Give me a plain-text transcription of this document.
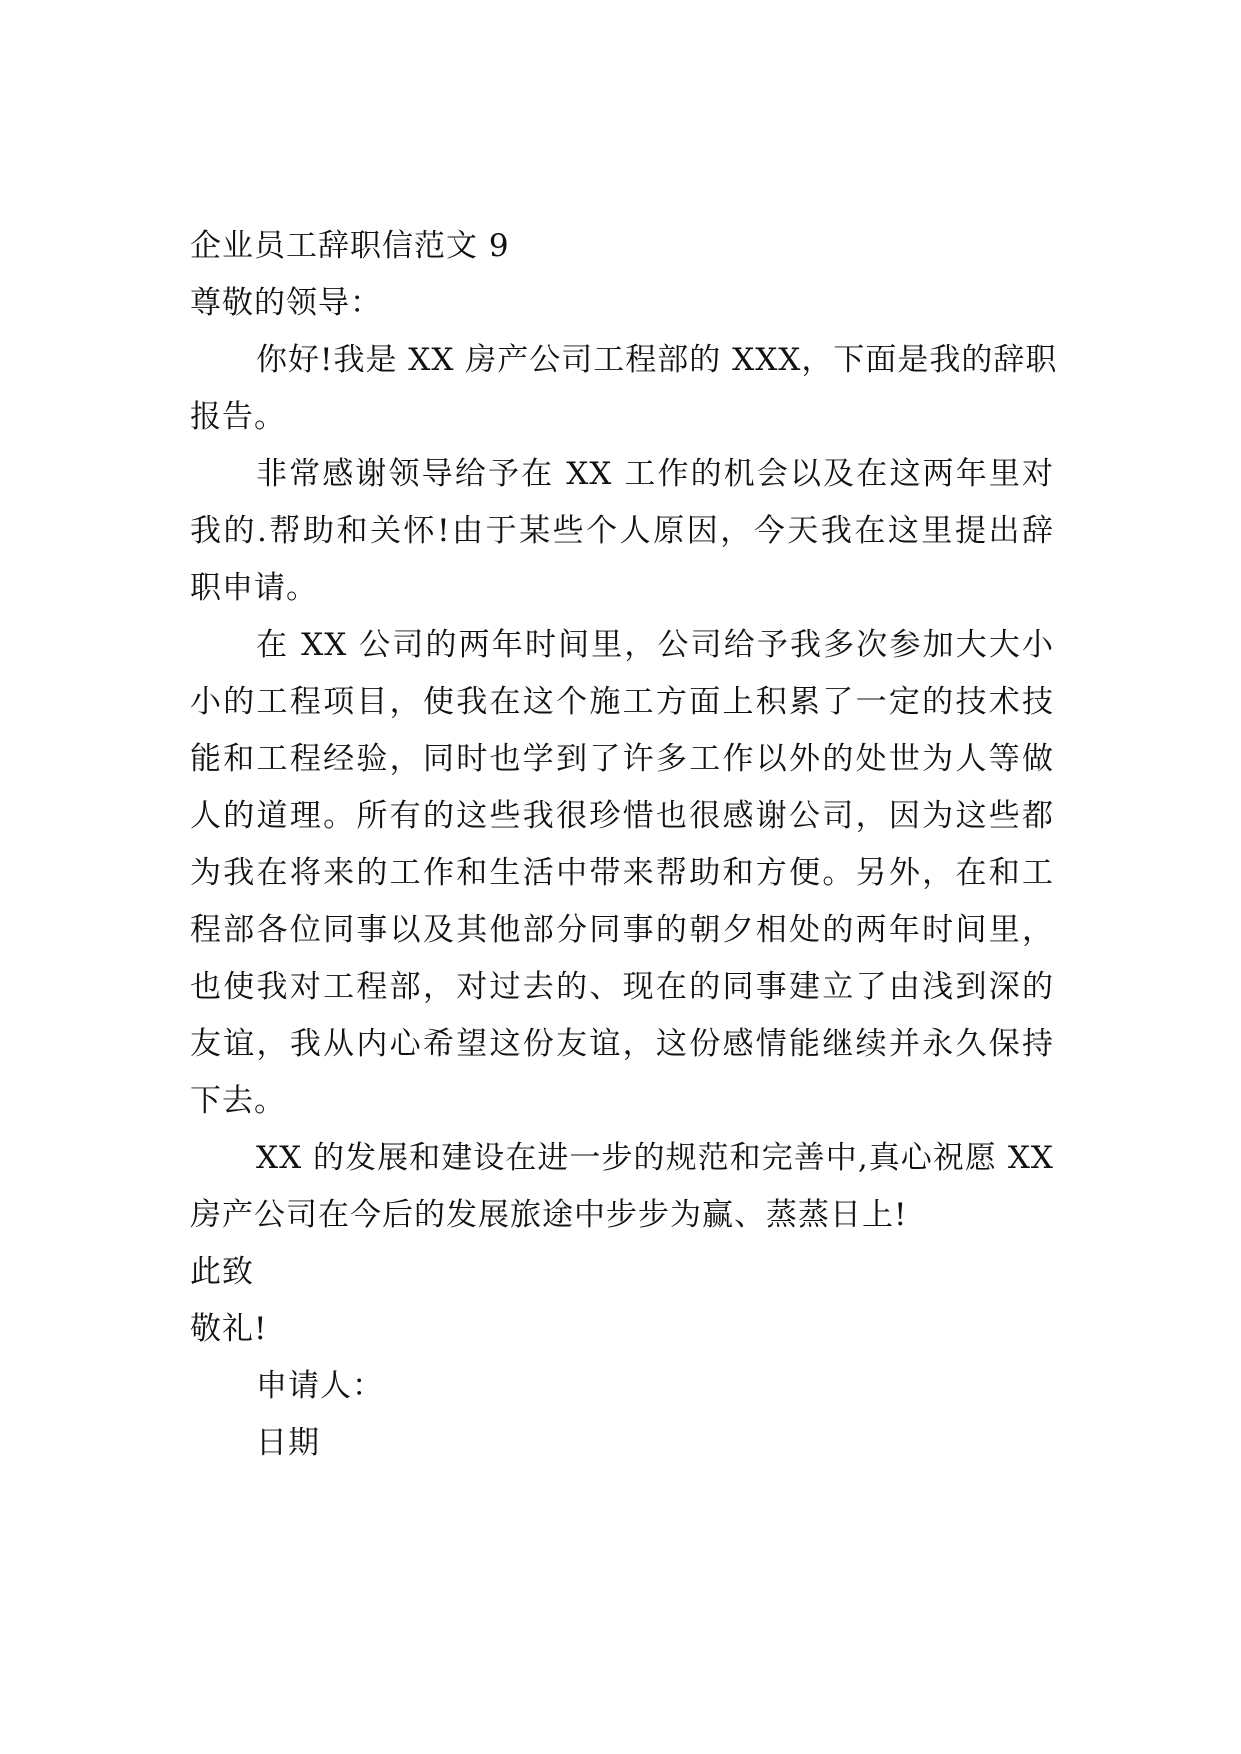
企业员工辞职信范文 9

尊敬的领导：

你好!我是 XX 房产公司工程部的 XXX，下面是我的辞职

报告。

非常感谢领导给予在 XX 工作的机会以及在这两年里对

我的.帮助和关怀!由于某些个人原因，今天我在这里提出辞

职申请。

在 XX 公司的两年时间里，公司给予我多次参加大大小

小的工程项目，使我在这个施工方面上积累了一定的技术技

能和工程经验，同时也学到了许多工作以外的处世为人等做

人的道理。所有的这些我很珍惜也很感谢公司，因为这些都

为我在将来的工作和生活中带来帮助和方便。另外，在和工

程部各位同事以及其他部分同事的朝夕相处的两年时间里，

也使我对工程部，对过去的、现在的同事建立了由浅到深的

友谊，我从内心希望这份友谊，这份感情能继续并永久保持

下去。

XX 的发展和建设在进一步的规范和完善中,真心祝愿 XX

房产公司在今后的发展旅途中步步为赢、蒸蒸日上!

此致

敬礼!

申请人：

日期
